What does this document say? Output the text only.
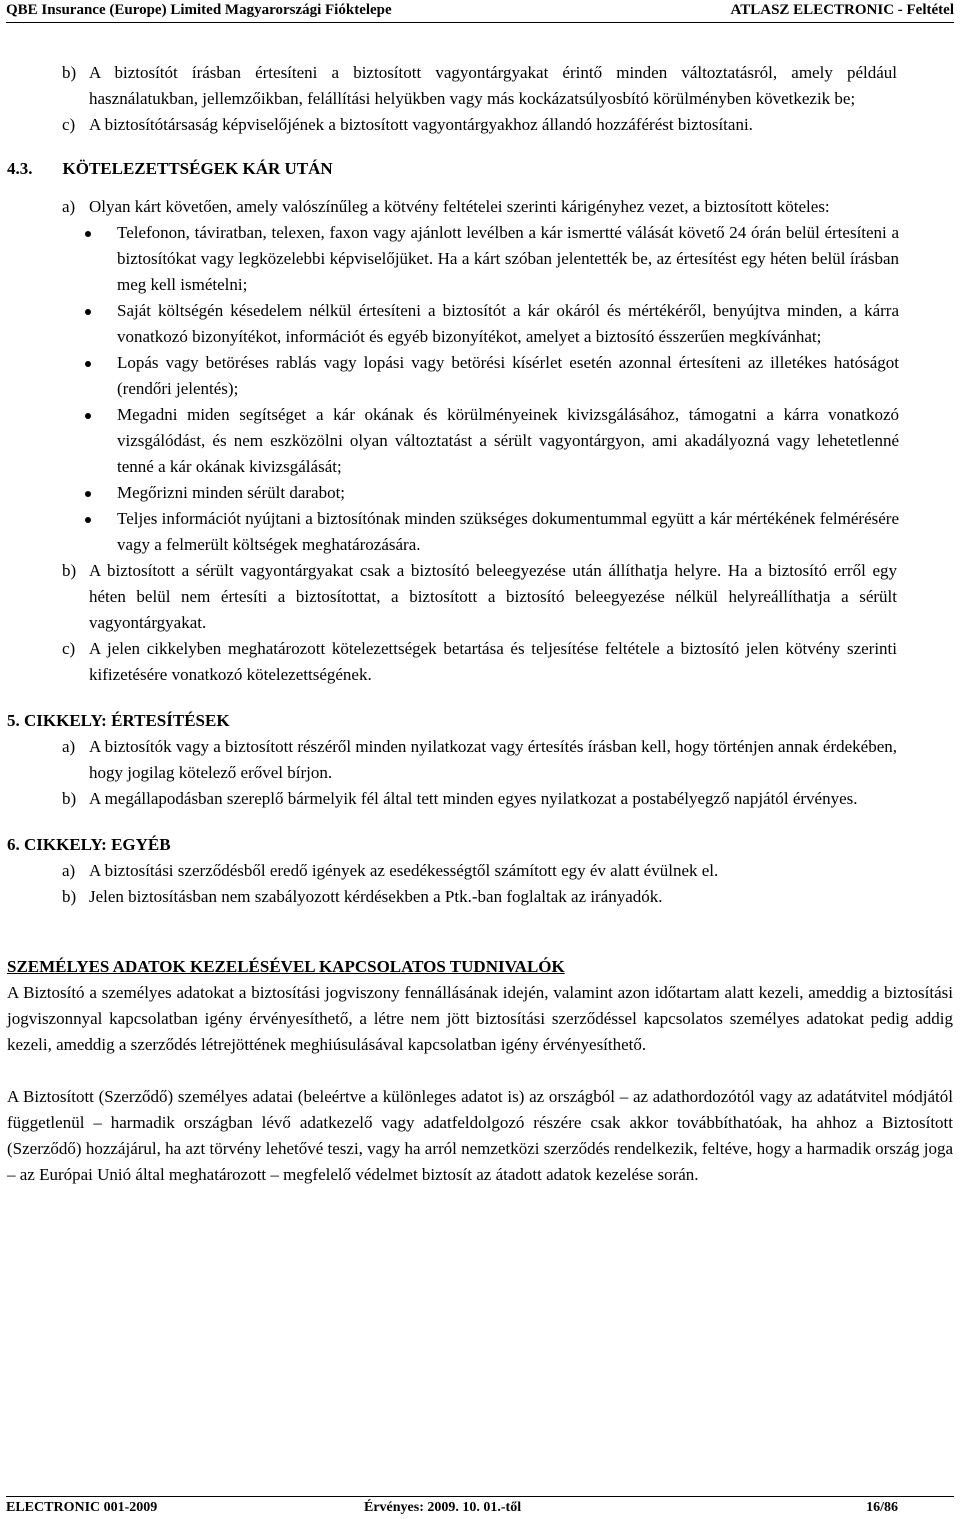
QBE Insurance (Europe) Limited Magyarországi Fióktelepe	ATLASZ ELECTRONIC - Feltétel
b) A biztosítót írásban értesíteni a biztosított vagyontárgyakat érintő minden változtatásról, amely például használatukban, jellemzőikban, felállítási helyükben vagy más kockázatsúlyosbító körülményben következik be;
c) A biztosítótársaság képviselőjének a biztosított vagyontárgyakhoz állandó hozzáférést biztosítani.
4.3. KÖTELEZETTSÉGEK KÁR UTÁN
a) Olyan kárt követően, amely valószínűleg a kötvény feltételei szerinti kárigényhez vezet, a biztosított köteles:
Telefonon, táviratban, telexen, faxon vagy ajánlott levélben a kár ismertté válását követő 24 órán belül értesíteni a biztosítókat vagy legközelebbi képviselőjüket. Ha a kárt szóban jelentették be, az értesítést egy héten belül írásban meg kell ismételni;
Saját költségén késedelem nélkül értesíteni a biztosítót a kár okáról és mértékéről, benyújtva minden, a kárra vonatkozó bizonyítékot, információt és egyéb bizonyítékot, amelyet a biztosító ésszerűen megkívánhat;
Lopás vagy betöréses rablás vagy lopási vagy betörési kísérlet esetén azonnal értesíteni az illetékes hatóságot (rendőri jelentés);
Megadni miden segítséget a kár okának és körülményeinek kivizsgálásához, támogatni a kárra vonatkozó vizsgálódást, és nem eszközölni olyan változtatást a sérült vagyontárgyon, ami akadályozná vagy lehetetlenné tenné a kár okának kivizsgálását;
Megőrizni minden sérült darabot;
Teljes információt nyújtani a biztosítónak minden szükséges dokumentummal együtt a kár mértékének felmérésére vagy a felmerült költségek meghatározására.
b) A biztosított a sérült vagyontárgyakat csak a biztosító beleegyezése után állíthatja helyre. Ha a biztosító erről egy héten belül nem értesíti a biztosítottat, a biztosított a biztosító beleegyezése nélkül helyreállíthatja a sérült vagyontárgyakat.
c) A jelen cikkelyben meghatározott kötelezettségek betartása és teljesítése feltétele a biztosító jelen kötvény szerinti kifizetésére vonatkozó kötelezettségének.
5. CIKKELY: ÉRTESÍTÉSEK
a) A biztosítók vagy a biztosított részéről minden nyilatkozat vagy értesítés írásban kell, hogy történjen annak érdekében, hogy jogilag kötelező erővel bírjon.
b) A megállapodásban szereplő bármelyik fél által tett minden egyes nyilatkozat a postabélyegző napjától érvényes.
6. CIKKELY: EGYÉB
a) A biztosítási szerződésből eredő igények az esedékességtől számított egy év alatt évülnek el.
b) Jelen biztosításban nem szabályozott kérdésekben a Ptk.-ban foglaltak az irányadók.
SZEMÉLYES ADATOK KEZELÉSÉVEL KAPCSOLATOS TUDNIVALÓK
A Biztosító a személyes adatokat a biztosítási jogviszony fennállásának idején, valamint azon időtartam alatt kezeli, ameddig a biztosítási jogviszonnyal kapcsolatban igény érvényesíthető, a létre nem jött biztosítási szerződéssel kapcsolatos személyes adatokat pedig addig kezeli, ameddig a szerződés létrejöttének meghiúsulásával kapcsolatban igény érvényesíthető.
A Biztosított (Szerződő) személyes adatai (beleértve a különleges adatot is) az országból – az adathordozótól vagy az adatátvitel módjától függetlenül – harmadik országban lévő adatkezelő vagy adatfeldolgozó részére csak akkor továbbíthatóak, ha ahhoz a Biztosított (Szerződő) hozzájárul, ha azt törvény lehetővé teszi, vagy ha arról nemzetközi szerződés rendelkezik, feltéve, hogy a harmadik ország joga – az Európai Unió által meghatározott – megfelelő védelmet biztosít az átadott adatok kezelése során.
ELECTRONIC 001-2009	Érvényes: 2009. 10. 01.-től	16/86
